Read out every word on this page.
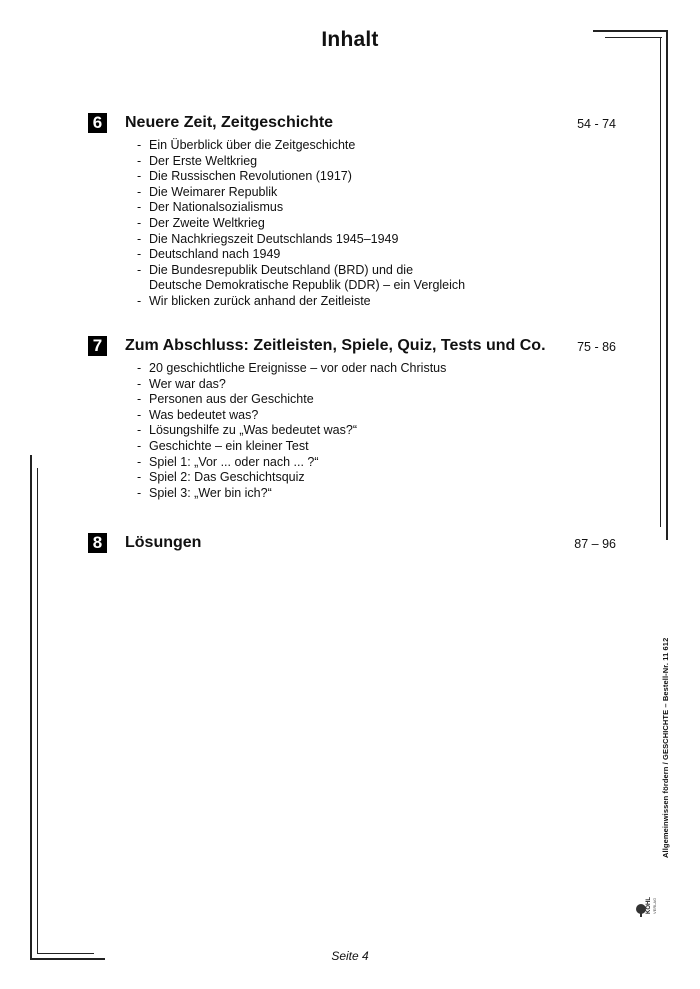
Inhalt
6 Neuere Zeit, Zeitgeschichte	54 - 74
- Ein Überblick über die Zeitgeschichte
- Der Erste Weltkrieg
- Die Russischen Revolutionen (1917)
- Die Weimarer Republik
- Der Nationalsozialismus
- Der Zweite Weltkrieg
- Die Nachkriegszeit Deutschlands 1945–1949
- Deutschland nach 1949
- Die Bundesrepublik Deutschland (BRD) und die
Deutsche Demokratische Republik (DDR) – ein Vergleich
- Wir blicken zurück anhand der Zeitleiste
7 Zum Abschluss: Zeitleisten, Spiele, Quiz, Tests und Co.	75 - 86
- 20 geschichtliche Ereignisse – vor oder nach Christus
- Wer war das?
- Personen aus der Geschichte
- Was bedeutet was?
- Lösungshilfe zu „Was bedeutet was?“
- Geschichte – ein kleiner Test
- Spiel 1: „Vor ... oder nach ... ?“
- Spiel 2: Das Geschichtsquiz
- Spiel 3: „Wer bin ich?“
8 Lösungen	87 – 96
Allgemeinwissen fördern / GESCHICHTE – Bestell-Nr. 11 612
KOHL VERLAG
Seite 4
